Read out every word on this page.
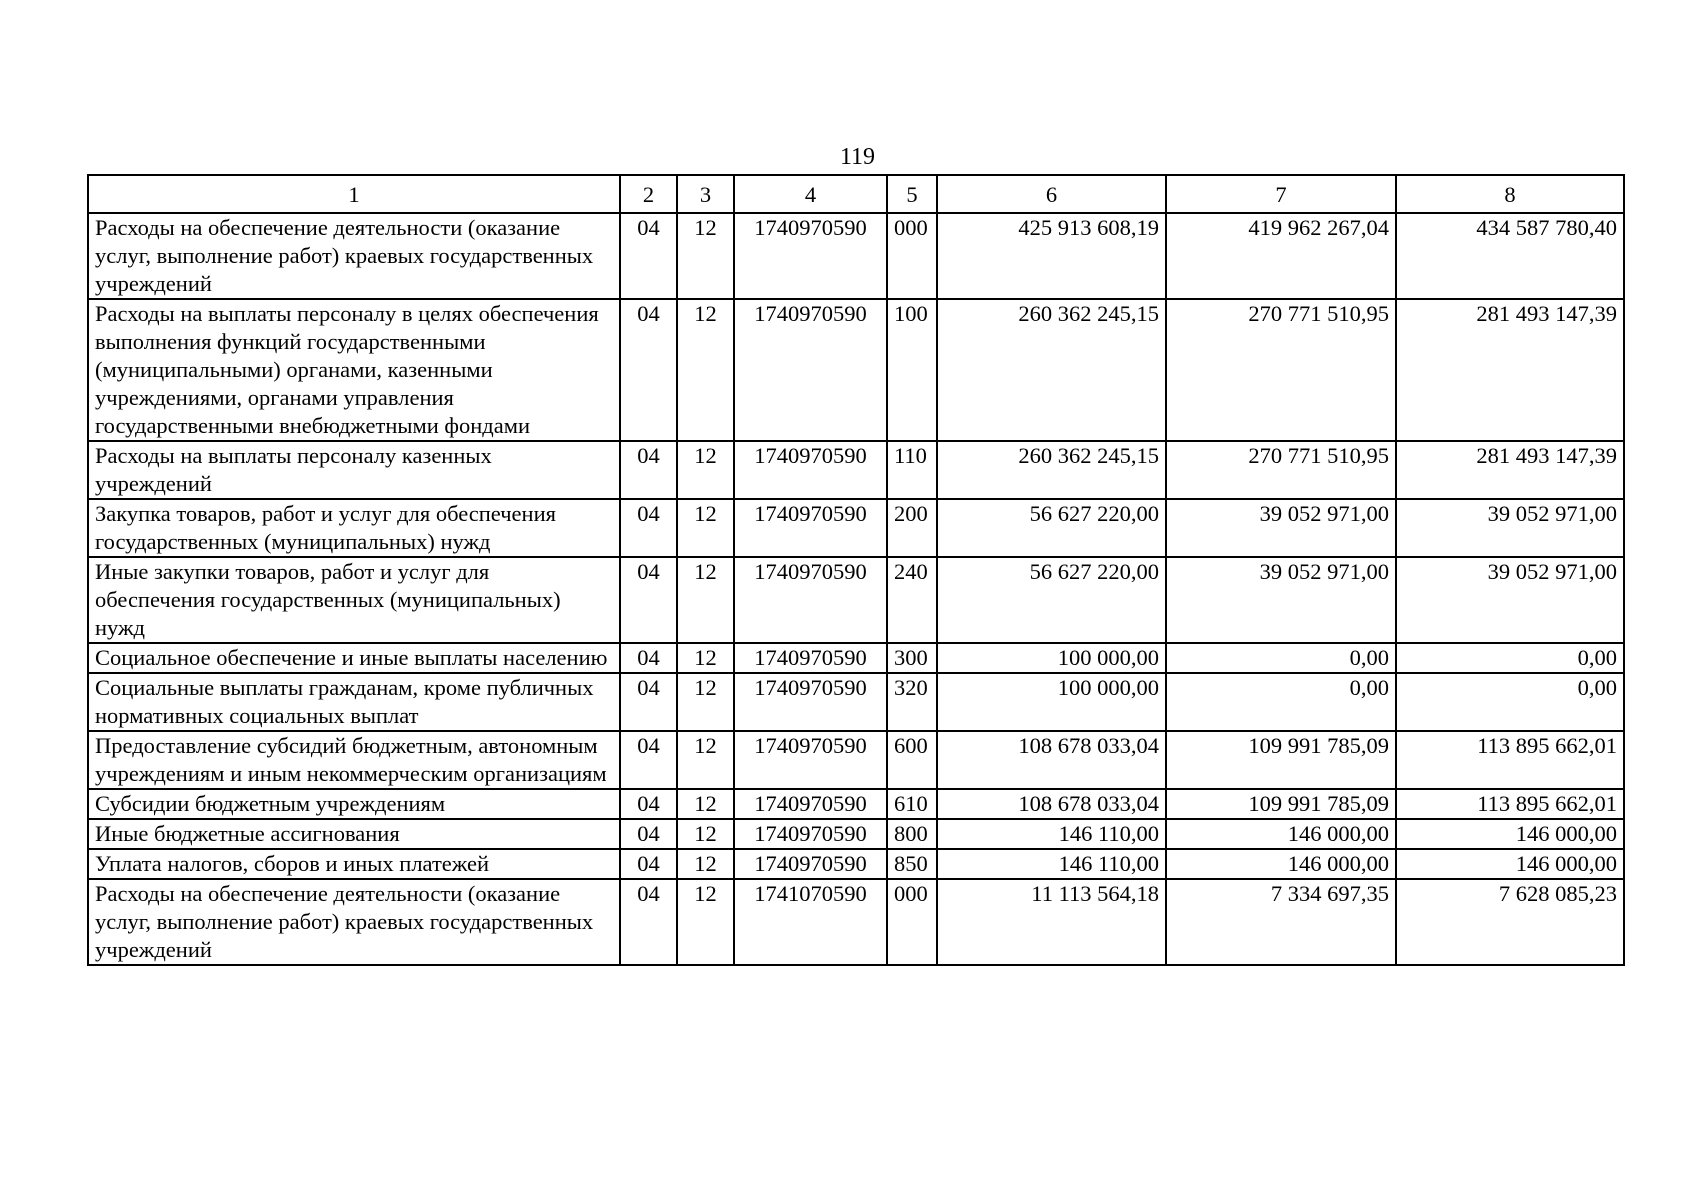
119
1	2	3	4	5	6	7	8
Расходы на обеспечение деятельности (оказание услуг, выполнение работ) краевых государственных учреждений	04	12	1740970590	000	425 913 608,19	419 962 267,04	434 587 780,40
Расходы на выплаты персоналу в целях обеспечения выполнения функций государственными (муниципальными) органами, казенными учреждениями, органами управления государственными внебюджетными фондами	04	12	1740970590	100	260 362 245,15	270 771 510,95	281 493 147,39
Расходы на выплаты персоналу казенных учреждений	04	12	1740970590	110	260 362 245,15	270 771 510,95	281 493 147,39
Закупка товаров, работ и услуг для обеспечения государственных (муниципальных) нужд	04	12	1740970590	200	56 627 220,00	39 052 971,00	39 052 971,00
Иные закупки товаров, работ и услуг для обеспечения государственных (муниципальных) нужд	04	12	1740970590	240	56 627 220,00	39 052 971,00	39 052 971,00
Социальное обеспечение и иные выплаты населению	04	12	1740970590	300	100 000,00	0,00	0,00
Социальные выплаты гражданам, кроме публичных нормативных социальных выплат	04	12	1740970590	320	100 000,00	0,00	0,00
Предоставление субсидий бюджетным, автономным учреждениям и иным некоммерческим организациям	04	12	1740970590	600	108 678 033,04	109 991 785,09	113 895 662,01
Субсидии бюджетным учреждениям	04	12	1740970590	610	108 678 033,04	109 991 785,09	113 895 662,01
Иные бюджетные ассигнования	04	12	1740970590	800	146 110,00	146 000,00	146 000,00
Уплата налогов, сборов и иных платежей	04	12	1740970590	850	146 110,00	146 000,00	146 000,00
Расходы на обеспечение деятельности (оказание услуг, выполнение работ) краевых государственных учреждений	04	12	1741070590	000	11 113 564,18	7 334 697,35	7 628 085,23
